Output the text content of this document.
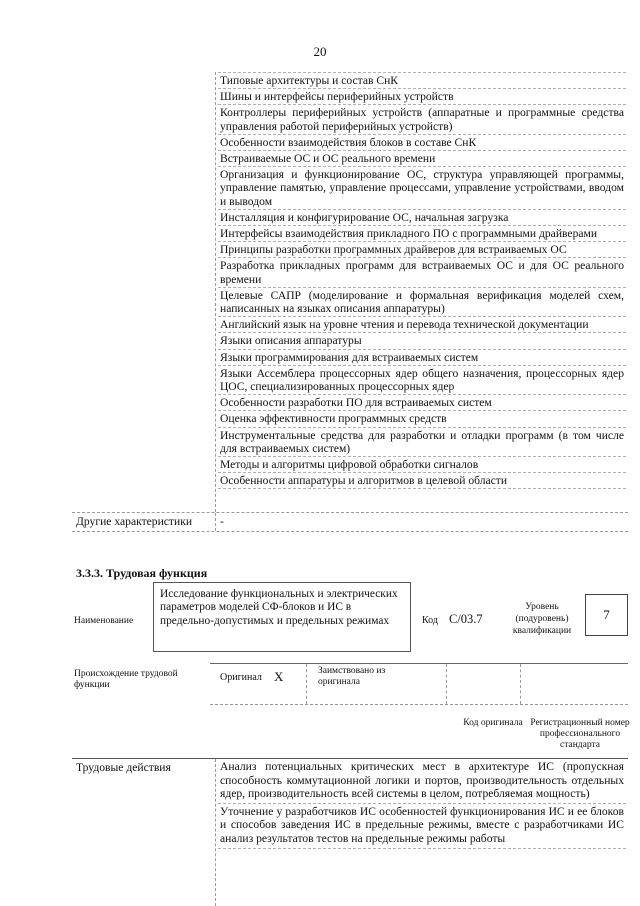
20
Типовые архитектуры и состав СнК
Шины и интерфейсы периферийных устройств
Контроллеры периферийных устройств (аппаратные и программные средства управления работой периферийных устройств)
Особенности взаимодействия блоков в составе СнК
Встраиваемые ОС и ОС реального времени
Организация и функционирование ОС, структура управляющей программы, управление памятью, управление процессами, управление устройствами, вводом и выводом
Инсталляция и конфигурирование ОС, начальная загрузка
Интерфейсы взаимодействия прикладного ПО с программными драйверами
Принципы разработки программных драйверов для встраиваемых ОС
Разработка прикладных программ для встраиваемых ОС и для ОС реального времени
Целевые САПР (моделирование и формальная верификация моделей схем, написанных на языках описания аппаратуры)
Английский язык на уровне чтения и перевода технической документации
Языки описания аппаратуры
Языки программирования для встраиваемых систем
Языки Ассемблера процессорных ядер общего назначения, процессорных ядер ЦОС, специализированных процессорных ядер
Особенности разработки ПО для встраиваемых систем
Оценка эффективности программных средств
Инструментальные средства для разработки и отладки программ (в том числе для встраиваемых систем)
Методы и алгоритмы цифровой обработки сигналов
Особенности аппаратуры и алгоритмов в целевой области
Другие характеристики -
3.3.3. Трудовая функция
Наименование
Исследование функциональных и электрических параметров моделей СФ-блоков и ИС в предельно-допустимых и предельных режимах	Код C/03.7
Уровень (подуровень) квалификации
7
Происхождение трудовой функции
Оригинал X	Заимствовано из оригинала
Код оригинала Регистрационный номер профессионального стандарта
Трудовые действия	Анализ потенциальных критических мест в архитектуре ИС (пропускная способность коммутационной логики и портов, производительность отдельных ядер, производительность всей системы в целом, потребляемая мощность)
Уточнение у разработчиков ИС особенностей функционирования ИС и ее блоков и способов заведения ИС в предельные режимы, вместе с разработчиками ИС анализ результатов тестов на предельные режимы работы
